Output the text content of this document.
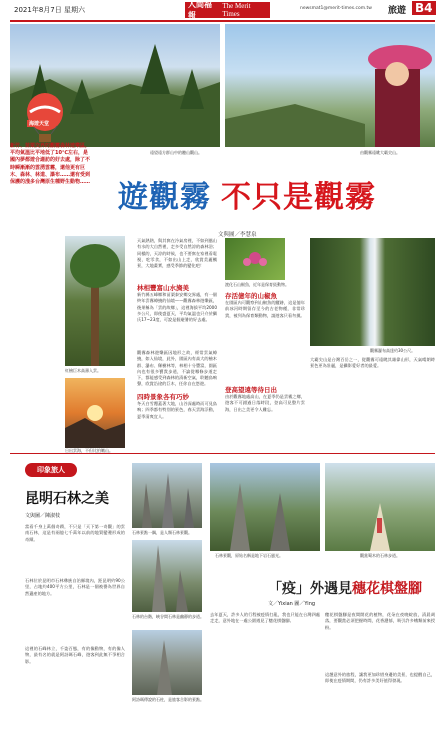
2021年8月7日 星期六
人間福報
The Merit Times
newsmat1@merit-times.com.tw 旅遊 B4
海遊天堂
遠望遠方群山中的聽山觀山。	由觀霧遠眺大霸尖山。
新竹、苗栗交界的觀霧森林遊樂區，平均氣溫比平地低了10℃左右，是國內夢都遊合適訪的好去處，除了不時瞬漸漸的雲湧雲霧，還他更有巨木、森林、林道、瀑布……還有受到保護的淺多台灣原生種野生動物…… 遊觀霧 不只是觀霧
文與圖／李慧泉
紅檜巨木高壽入雲。
日出雲海，不但比拍嫩山。
天氣熱熱，與其窩在冷氣房裡，不如到風山有水的大自然裡，走多受自然涼的森林浴；同樣的，天涼的時候，也不要窩在家裡看電視，吃零食，不如出山上走，欣賞美麗楓景，大地畫實，感受季節的變化吧！
林相豐富山水旖美
新竹縣五峰鄉和苗栗泰安鄉交界處，有一個終年雲霧繚繞的仙境——觀霧森林遊樂區，後果稱為「雲的故鄉」，這裡海拔平均2000多公尺，即使盛夏天，平均氣溫也只介於攝氏17~23度，可說是個避暑的好去處。
觀霧森林遊樂區因地形之故，經常雲氣繚繞，如入仙境，此外，園區內有高大的檜木群、瀑布、稀樹林等，林相十分豐富，園區內也有很多寶貴步道，不論從哪條步道走下，都能感受到森林的清新空氣，聆聽鳥鳴聲，欣賞沿途的巨木，任你自在悠遊。
四時景象各有巧妙
冬天白雪覆蓋著大地，山谷深處時而可見鳥鳴；四季都有特別的景色，春天雲海浮動，夏季清爽宜人。
渡化石山椒魚，近年是保育級動物。
存活億年的山椒魚
在園區內可觀察到山椒魚的蹤跡，這是億年前冰河時期留存至今的古老物種，非常珍貴，被列為保育類動物，請遊客只看勿摸。
登高望遠等待日出
由於觀霧地處高山，在夏季仍是雲霧之鄉，遊客不可錯過日落時段，登高可見整片雲海，日出之美更令人難忘。
觀霧瀑布高達約30公尺。
大霸尖山是台灣百岳之一，從觀霧可遠眺其雄偉山形，天氣晴朗時景色更為壯麗，是攝影愛好者的最愛。
印象旅人
昆明石林之美
文與圖／陳淑枝
當看千身上萬個奇蹟，不只是「天下第一奇觀」的雲南石林，這是有兩億七千萬年以前的地質變遷形成的奇蹟。
石林位於昆明市石林彝族自治縣境內，距昆明約90公里，占地約400平方公里，石林是一個被譽為世界自然遺產的地方。
這裡的石峰林立，千姿百態，有的像動物，有的像人物，最有名的就是阿詩瑪石峰，遊客到此無不爭相合影。
石林景點一隅，是人類石林景觀。
石林的台階，峽谷間石林是幽靜的步道。
阿詩瑪傳說的石柱，是旅客合影的景點。
石林景觀，原始名稱是地下岩石風光。	觀賞蜀木的石林步道。
「疫」外遇見穗花棋盤腳
文／Yixian 圖／Ying
去年夏天，許多人的行程被疫情打亂，我也只能在台灣四處走走，意外地在一處公園遇見了穗花棋盤腳。
穗花棋盤腳是夜間開花的植物，花朵在夜晚綻放，清晨凋落，要觀賞必須把握時間，花香濃郁，吸引許多蛾類前來授粉。
這趟意外的旅程，讓我更加珍惜身邊的美景，也提醒自己，即使在疫情期間，仍有許多美好值得發現。
